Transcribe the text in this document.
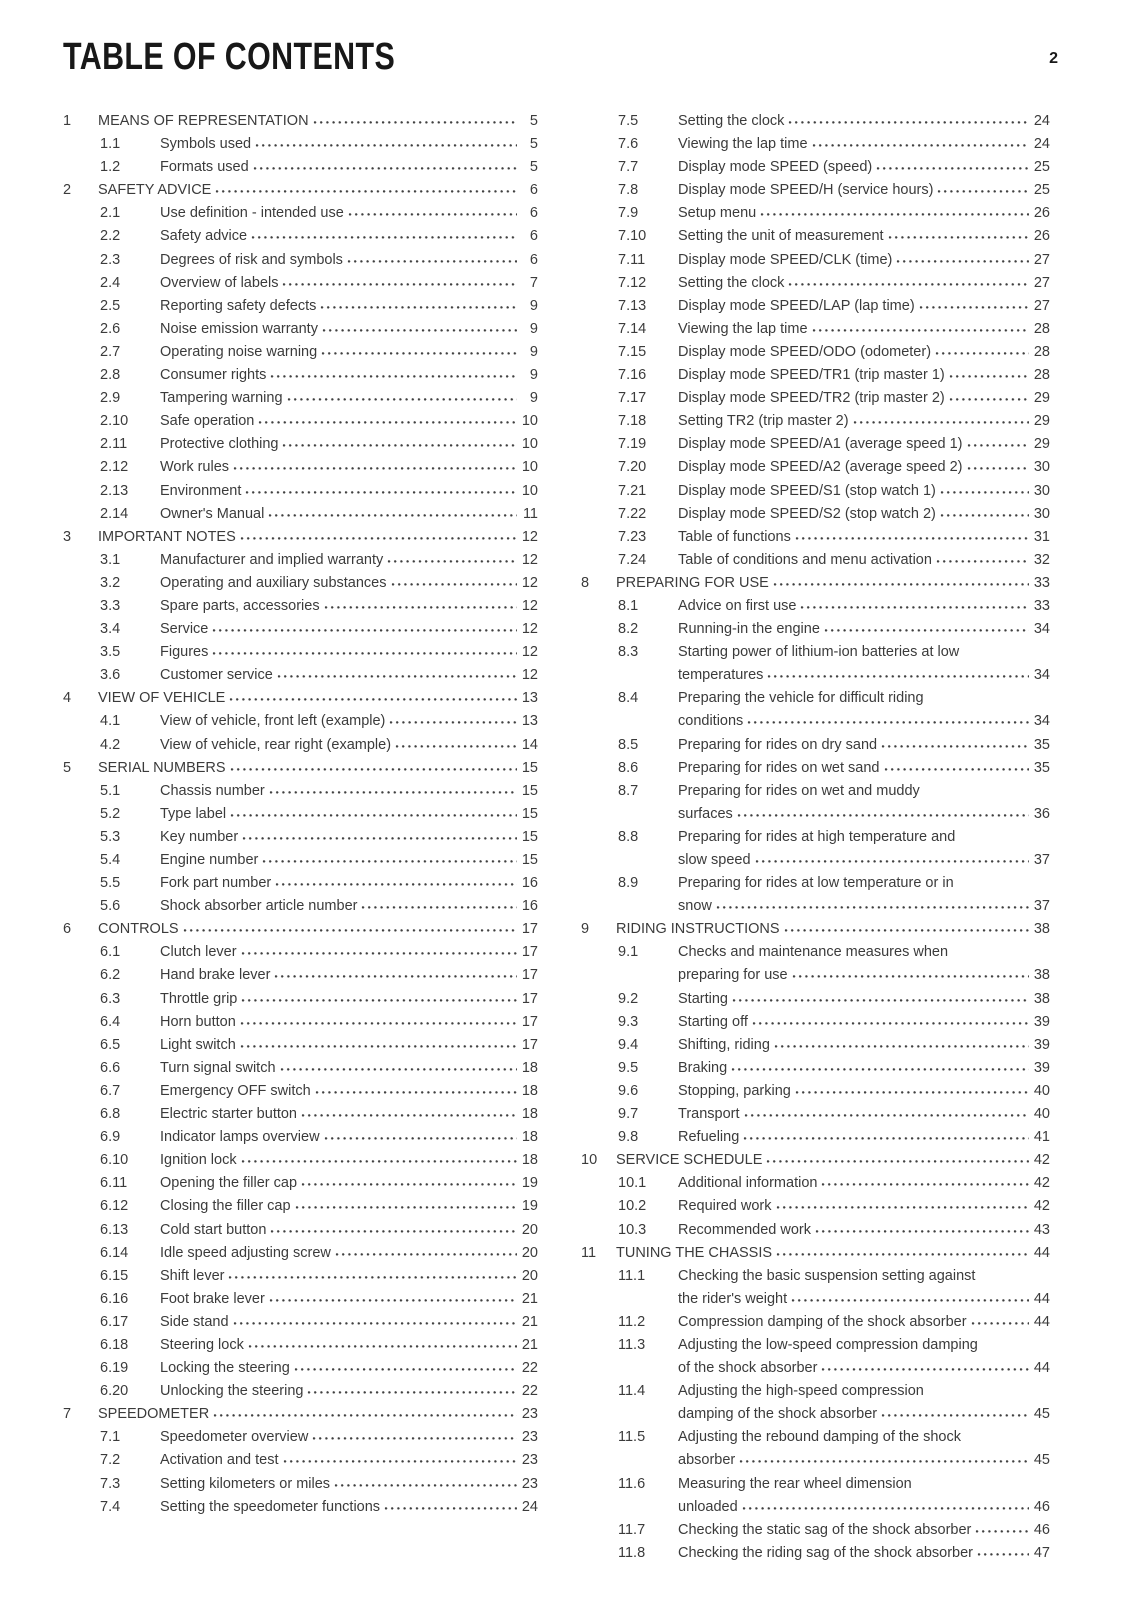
TABLE OF CONTENTS	2
1	MEANS OF REPRESENTATION	5
1.1	Symbols used	5
1.2	Formats used	5
2	SAFETY ADVICE	6
2.1	Use definition - intended use	6
2.2	Safety advice	6
2.3	Degrees of risk and symbols	6
2.4	Overview of labels	7
2.5	Reporting safety defects	9
2.6	Noise emission warranty	9
2.7	Operating noise warning	9
2.8	Consumer rights	9
2.9	Tampering warning	9
2.10	Safe operation	10
2.11	Protective clothing	10
2.12	Work rules	10
2.13	Environment	10
2.14	Owner's Manual	11
3	IMPORTANT NOTES	12
3.1	Manufacturer and implied warranty	12
3.2	Operating and auxiliary substances	12
3.3	Spare parts, accessories	12
3.4	Service	12
3.5	Figures	12
3.6	Customer service	12
4	VIEW OF VEHICLE	13
4.1	View of vehicle, front left (example)	13
4.2	View of vehicle, rear right (example)	14
5	SERIAL NUMBERS	15
5.1	Chassis number	15
5.2	Type label	15
5.3	Key number	15
5.4	Engine number	15
5.5	Fork part number	16
5.6	Shock absorber article number	16
6	CONTROLS	17
6.1	Clutch lever	17
6.2	Hand brake lever	17
6.3	Throttle grip	17
6.4	Horn button	17
6.5	Light switch	17
6.6	Turn signal switch	18
6.7	Emergency OFF switch	18
6.8	Electric starter button	18
6.9	Indicator lamps overview	18
6.10	Ignition lock	18
6.11	Opening the filler cap	19
6.12	Closing the filler cap	19
6.13	Cold start button	20
6.14	Idle speed adjusting screw	20
6.15	Shift lever	20
6.16	Foot brake lever	21
6.17	Side stand	21
6.18	Steering lock	21
6.19	Locking the steering	22
6.20	Unlocking the steering	22
7	SPEEDOMETER	23
7.1	Speedometer overview	23
7.2	Activation and test	23
7.3	Setting kilometers or miles	23
7.4	Setting the speedometer functions	24
7.5	Setting the clock	24
7.6	Viewing the lap time	24
7.7	Display mode SPEED (speed)	25
7.8	Display mode SPEED/H (service hours)	25
7.9	Setup menu	26
7.10	Setting the unit of measurement	26
7.11	Display mode SPEED/CLK (time)	27
7.12	Setting the clock	27
7.13	Display mode SPEED/LAP (lap time)	27
7.14	Viewing the lap time	28
7.15	Display mode SPEED/ODO (odometer)	28
7.16	Display mode SPEED/TR1 (trip master 1)	28
7.17	Display mode SPEED/TR2 (trip master 2)	29
7.18	Setting TR2 (trip master 2)	29
7.19	Display mode SPEED/A1 (average speed 1)	29
7.20	Display mode SPEED/A2 (average speed 2)	30
7.21	Display mode SPEED/S1 (stop watch 1)	30
7.22	Display mode SPEED/S2 (stop watch 2)	30
7.23	Table of functions	31
7.24	Table of conditions and menu activation	32
8	PREPARING FOR USE	33
8.1	Advice on first use	33
8.2	Running-in the engine	34
8.3	Starting power of lithium-ion batteries at low
temperatures	34
8.4	Preparing the vehicle for difficult riding
conditions	34
8.5	Preparing for rides on dry sand	35
8.6	Preparing for rides on wet sand	35
8.7	Preparing for rides on wet and muddy
surfaces	36
8.8	Preparing for rides at high temperature and
slow speed	37
8.9	Preparing for rides at low temperature or in
snow	37
9	RIDING INSTRUCTIONS	38
9.1	Checks and maintenance measures when
preparing for use	38
9.2	Starting	38
9.3	Starting off	39
9.4	Shifting, riding	39
9.5	Braking	39
9.6	Stopping, parking	40
9.7	Transport	40
9.8	Refueling	41
10	SERVICE SCHEDULE	42
10.1	Additional information	42
10.2	Required work	42
10.3	Recommended work	43
11	TUNING THE CHASSIS	44
11.1	Checking the basic suspension setting against
the rider's weight	44
11.2	Compression damping of the shock absorber	44
11.3	Adjusting the low-speed compression damping
of the shock absorber	44
11.4	Adjusting the high-speed compression
damping of the shock absorber	45
11.5	Adjusting the rebound damping of the shock
absorber	45
11.6	Measuring the rear wheel dimension
unloaded	46
11.7	Checking the static sag of the shock absorber	46
11.8	Checking the riding sag of the shock absorber	47
